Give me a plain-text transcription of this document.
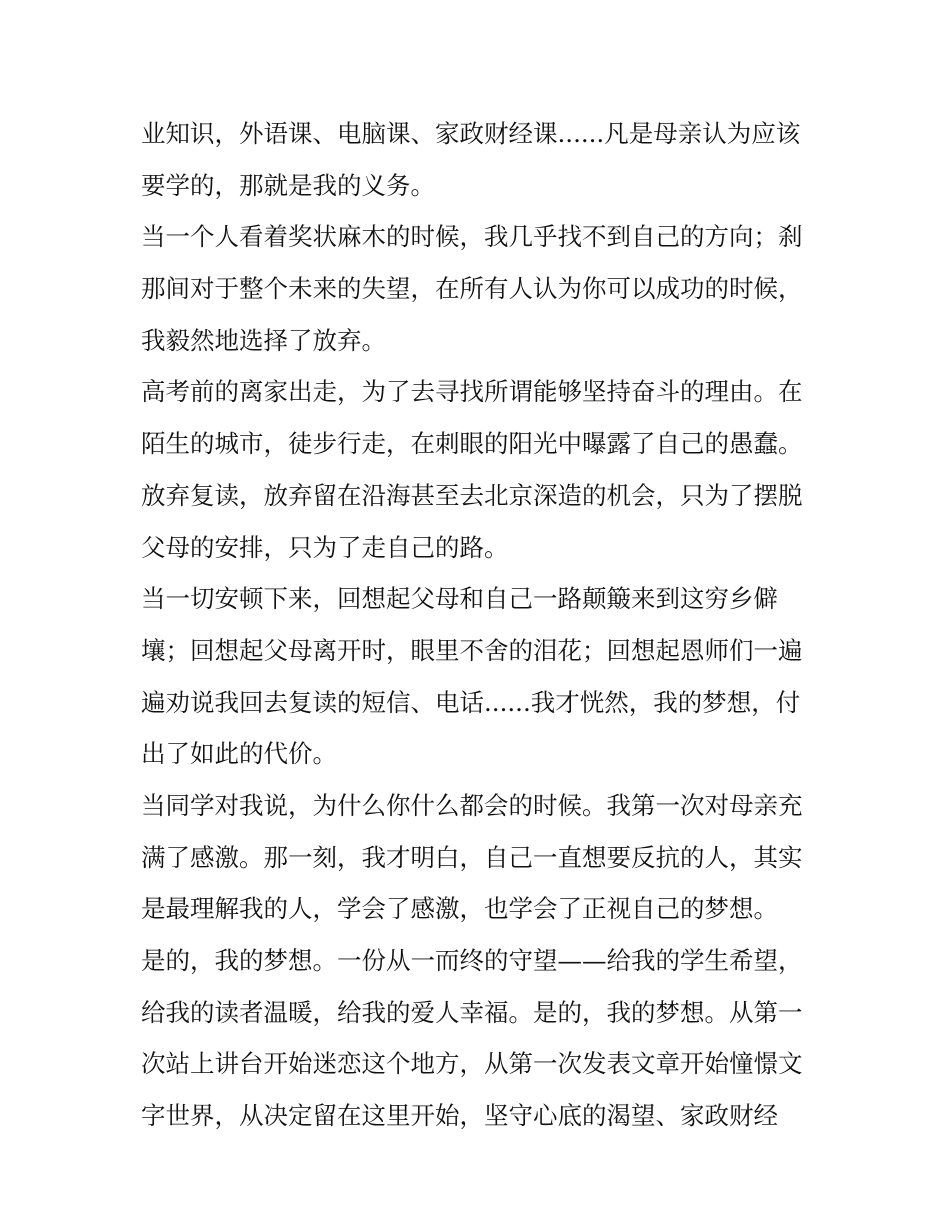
业知识，外语课、电脑课、家政财经课......凡是母亲认为应该
要学的，那就是我的义务。
当一个人看着奖状麻木的时候，我几乎找不到自己的方向；刹
那间对于整个未来的失望，在所有人认为你可以成功的时候，
我毅然地选择了放弃。
高考前的离家出走，为了去寻找所谓能够坚持奋斗的理由。在
陌生的城市，徒步行走，在刺眼的阳光中曝露了自己的愚蠢。
放弃复读，放弃留在沿海甚至去北京深造的机会，只为了摆脱
父母的安排，只为了走自己的路。
当一切安顿下来，回想起父母和自己一路颠簸来到这穷乡僻
壤；回想起父母离开时，眼里不舍的泪花；回想起恩师们一遍
遍劝说我回去复读的短信、电话......我才恍然，我的梦想，付
出了如此的代价。
当同学对我说，为什么你什么都会的时候。我第一次对母亲充
满了感激。那一刻，我才明白，自己一直想要反抗的人，其实
是最理解我的人，学会了感激，也学会了正视自己的梦想。
是的，我的梦想。一份从一而终的守望——给我的学生希望，
给我的读者温暖，给我的爱人幸福。是的，我的梦想。从第一
次站上讲台开始迷恋这个地方，从第一次发表文章开始憧憬文
字世界，从决定留在这里开始，坚守心底的渴望、家政财经
